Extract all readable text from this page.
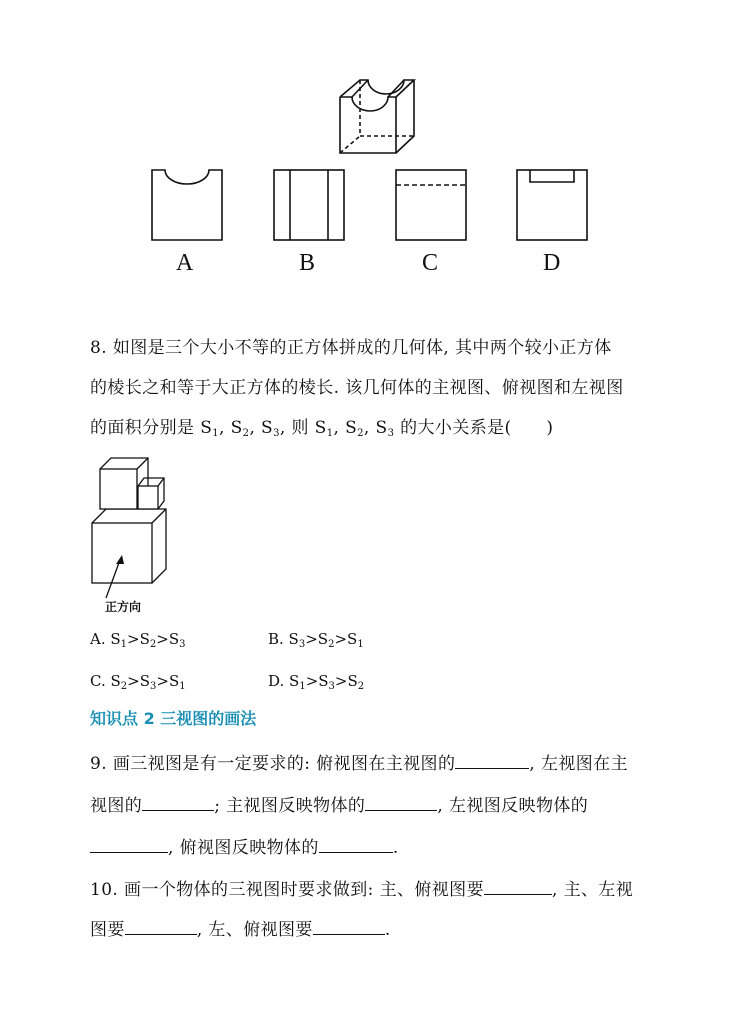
A	B	C	D
8. 如图是三个大小不等的正方体拼成的几何体, 其中两个较小正方体
的棱长之和等于大正方体的棱长. 该几何体的主视图、俯视图和左视图
的面积分别是 $S_1$, $S_2$, $S_3$, 则 $S_1$, $S_2$, $S_3$ 的大小关系是(　　)
正方向
A. $S_1>S_2>S_3$	B. $S_3>S_2>S_1$
C. $S_2>S_3>S_1$	D. $S_1>S_3>S_2$
知识点 2 三视图的画法
9. 画三视图是有一定要求的: 俯视图在主视图的	, 左视图在主
视图的	; 主视图反映物体的	, 左视图反映物体的
, 俯视图反映物体的	.
10. 画一个物体的三视图时要求做到: 主、俯视图要	, 主、左视
图要	, 左、俯视图要	.
